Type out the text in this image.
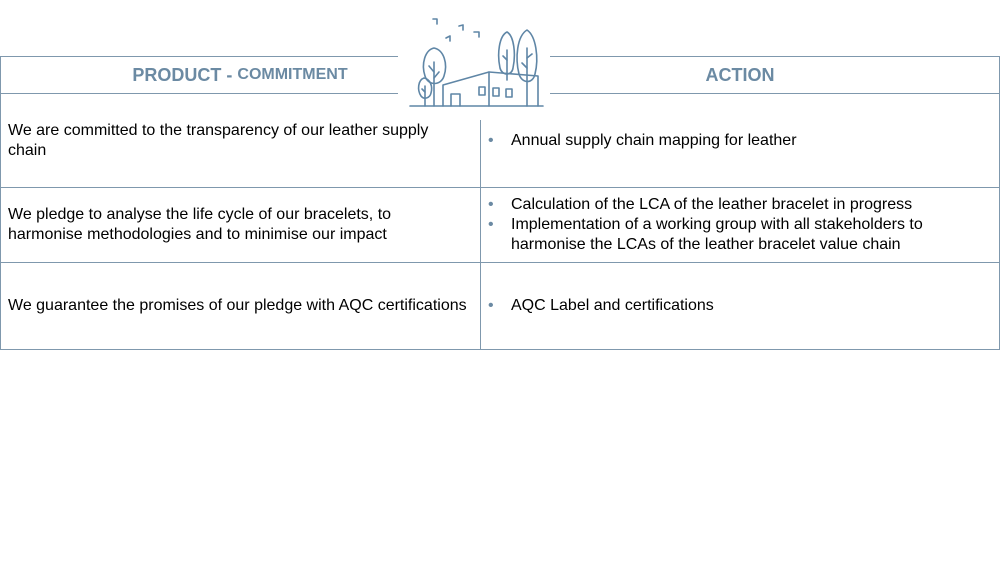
PRODUCT - COMMITMENT	ACTION
We are committed to the transparency of our leather supply chain
• Annual supply chain mapping for leather
We pledge to analyse the life cycle of our bracelets, to harmonise methodologies and to minimise our impact
• Calculation of the LCA of the leather bracelet in progress
• Implementation of a working group with all stakeholders to harmonise the LCAs of the leather bracelet value chain
We guarantee the promises of our pledge with AQC certifications
•	AQC Label and certifications
